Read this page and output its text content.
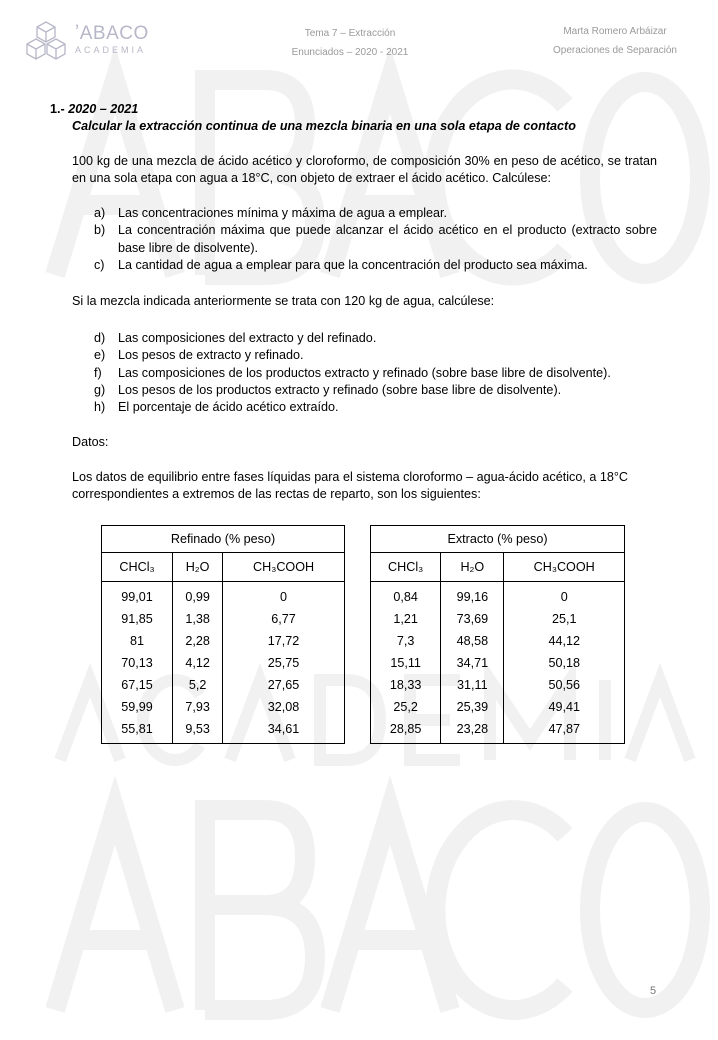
ʼABACO
ACADEMIA
Tema 7 – Extracción
Enunciados – 2020 - 2021
Marta Romero Arbáizar
Operaciones de Separación
1.- 2020 – 2021
Calcular la extracción continua de una mezcla binaria en una sola etapa de contacto
100 kg de una mezcla de ácido acético y cloroformo, de composición 30% en peso de acético, se tratan en una sola etapa con agua a 18°C, con objeto de extraer el ácido acético. Calcúlese:
a)	Las concentraciones mínima y máxima de agua a emplear.
b)	La concentración máxima que puede alcanzar el ácido acético en el producto (extracto sobre base libre de disolvente).
c)	La cantidad de agua a emplear para que la concentración del producto sea máxima.
Si la mezcla indicada anteriormente se trata con 120 kg de agua, calcúlese:
d)	Las composiciones del extracto y del refinado.
e)	Los pesos de extracto y refinado.
f)	Las composiciones de los productos extracto y refinado (sobre base libre de disolvente).
g)	Los pesos de los productos extracto y refinado (sobre base libre de disolvente).
h)	El porcentaje de ácido acético extraído.
Datos:
Los datos de equilibrio entre fases líquidas para el sistema cloroformo – agua-ácido acético, a 18°C correspondientes a extremos de las rectas de reparto, son los siguientes:
Refinado (% peso)		
CHCl₃	H₂O	CH₃COOH
99,01	0,99	0
91,85	1,38	6,77
81	2,28	17,72
70,13	4,12	25,75
67,15	5,2	27,65
59,99	7,93	32,08
55,81	9,53	34,61
Extracto (% peso)		
CHCl₃	H₂O	CH₃COOH
0,84	99,16	0
1,21	73,69	25,1
7,3	48,58	44,12
15,11	34,71	50,18
18,33	31,11	50,56
25,2	25,39	49,41
28,85	23,28	47,87
5
